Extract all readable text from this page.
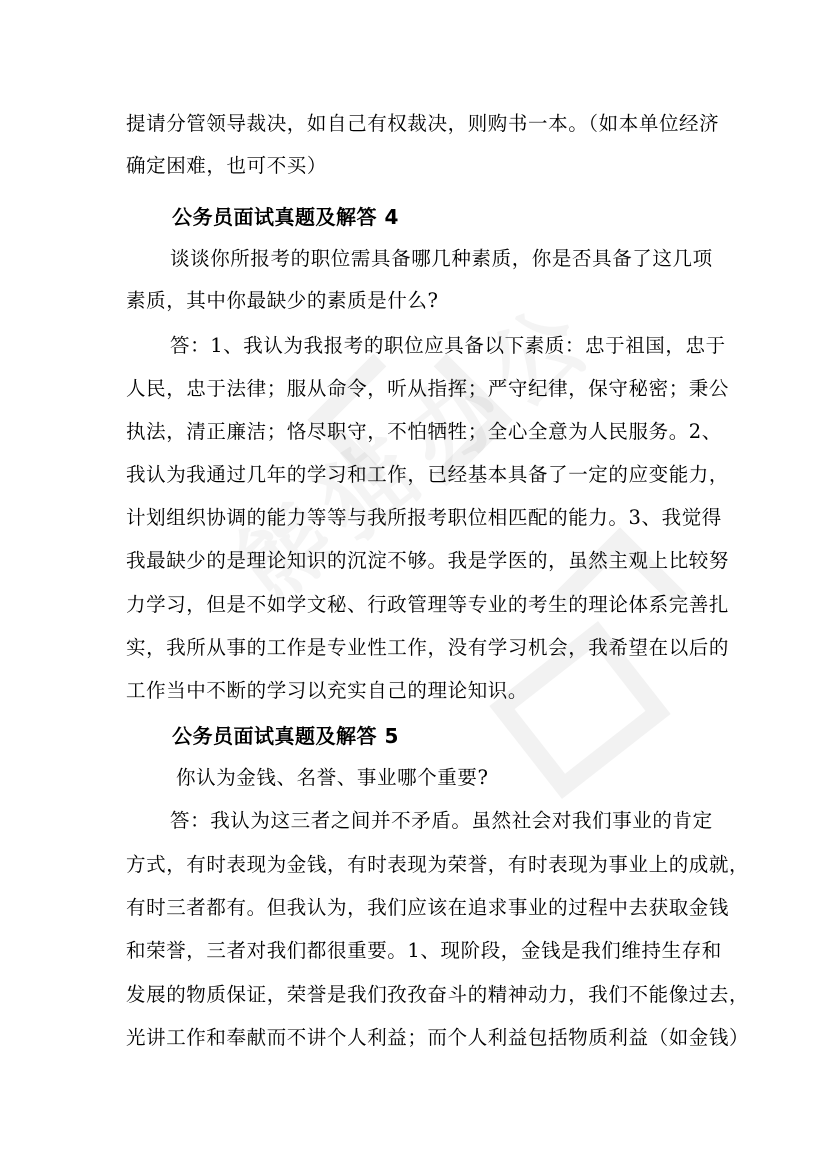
提请分管领导裁决，如自己有权裁决，则购书一本。（如本单位经济
确定困难，也可不买）
公务员面试真题及解答 4
谈谈你所报考的职位需具备哪几种素质，你是否具备了这几项
素质，其中你最缺少的素质是什么?
答：1、我认为我报考的职位应具备以下素质：忠于祖国，忠于
人民，忠于法律；服从命令，听从指挥；严守纪律，保守秘密；秉公
执法，清正廉洁；恪尽职守，不怕牺牲；全心全意为人民服务。2、
我认为我通过几年的学习和工作，已经基本具备了一定的应变能力，
计划组织协调的能力等等与我所报考职位相匹配的能力。3、我觉得
我最缺少的是理论知识的沉淀不够。我是学医的，虽然主观上比较努
力学习，但是不如学文秘、行政管理等专业的考生的理论体系完善扎
实，我所从事的工作是专业性工作，没有学习机会，我希望在以后的
工作当中不断的学习以充实自己的理论知识。
公务员面试真题及解答 5
你认为金钱、名誉、事业哪个重要?
答：我认为这三者之间并不矛盾。虽然社会对我们事业的肯定
方式，有时表现为金钱，有时表现为荣誉，有时表现为事业上的成就，
有时三者都有。但我认为，我们应该在追求事业的过程中去获取金钱
和荣誉，三者对我们都很重要。1、现阶段，金钱是我们维持生存和
发展的物质保证，荣誉是我们孜孜奋斗的精神动力，我们不能像过去，
光讲工作和奉献而不讲个人利益；而个人利益包括物质利益（如金钱）
